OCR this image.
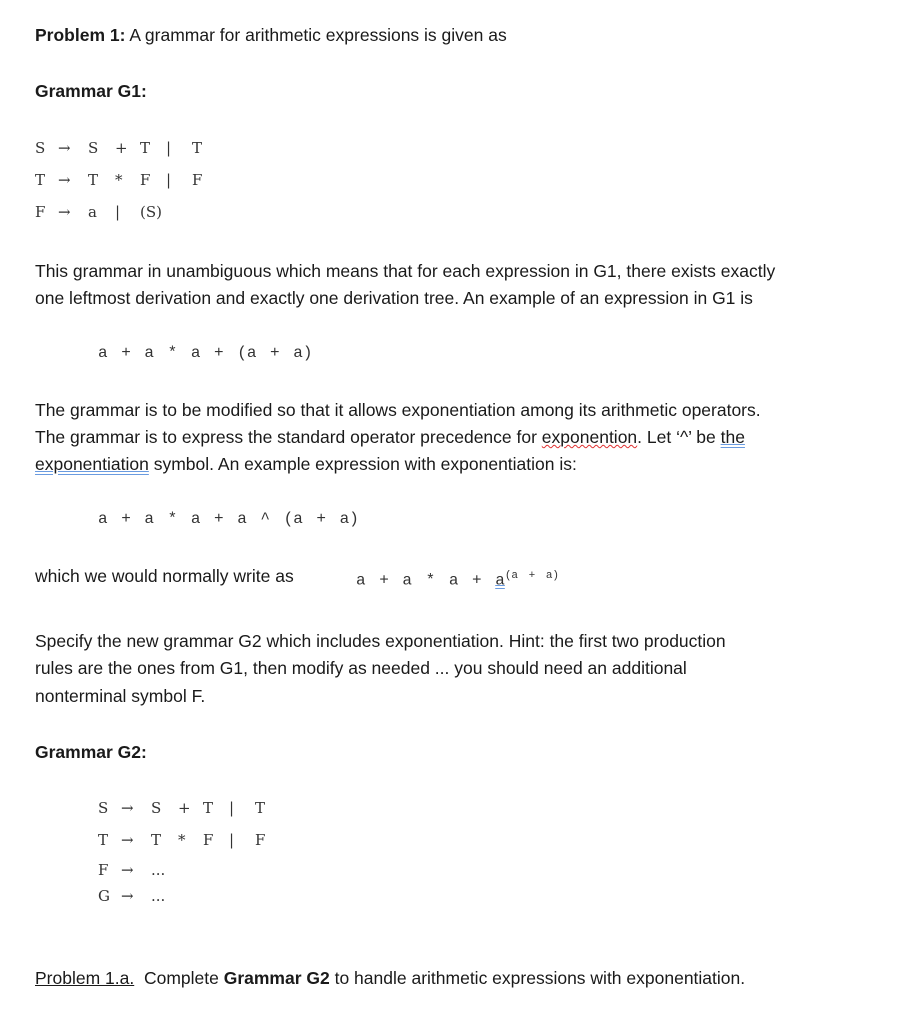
Problem 1: A grammar for arithmetic expressions is given as
Grammar G1:
S → S + T | T
T → T * F | F
F → a | (S)
This grammar in unambiguous which means that for each expression in G1, there exists exactly
one leftmost derivation and exactly one derivation tree. An example of an expression in G1 is
a + a * a + (a + a)
The grammar is to be modified so that it allows exponentiation among its arithmetic operators.
The grammar is to express the standard operator precedence for exponention. Let ‘^’ be the
exponentiation symbol. An example expression with exponentiation is:
a + a * a + a ^ (a + a)
which we would normally write as	$a + a * a + a^{(a + a)}$
Specify the new grammar G2 which includes exponentiation. Hint: the first two production
rules are the ones from G1, then modify as needed ... you should need an additional
nonterminal symbol F.
Grammar G2:
S → S + T | T
T → T * F | F
F → ...
G → ...
Problem 1.a.  Complete Grammar G2 to handle arithmetic expressions with exponentiation.
